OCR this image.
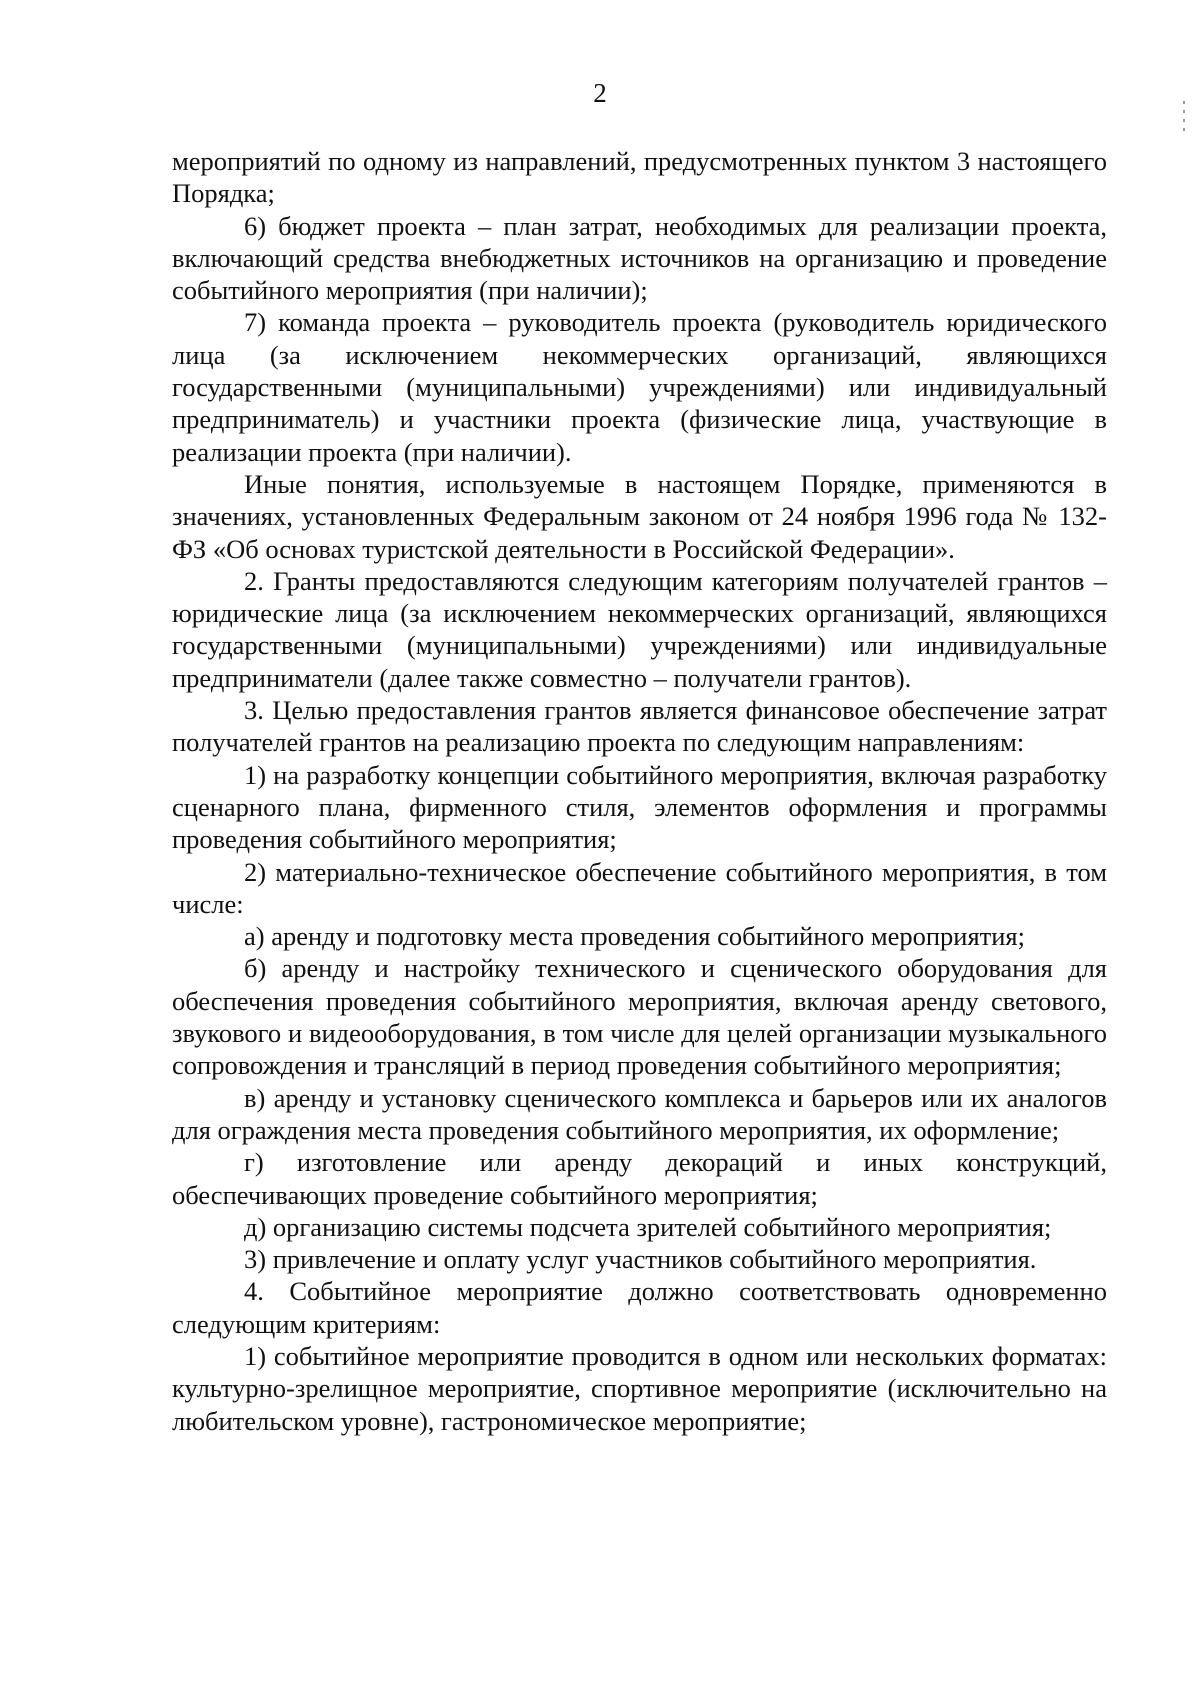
2

мероприятий по одному из направлений, предусмотренных пунктом 3 настоящего Порядка;

6) бюджет проекта – план затрат, необходимых для реализации проекта, включающий средства внебюджетных источников на организацию и проведение событийного мероприятия (при наличии);

7) команда проекта – руководитель проекта (руководитель юридического лица (за исключением некоммерческих организаций, являющихся государственными (муниципальными) учреждениями) или индивидуальный предприниматель) и участники проекта (физические лица, участвующие в реализации проекта (при наличии).

Иные понятия, используемые в настоящем Порядке, применяются в значениях, установленных Федеральным законом от 24 ноября 1996 года № 132-ФЗ «Об основах туристской деятельности в Российской Федерации».

2. Гранты предоставляются следующим категориям получателей грантов – юридические лица (за исключением некоммерческих организаций, являющихся государственными (муниципальными) учреждениями) или индивидуальные предприниматели (далее также совместно – получатели грантов).

3. Целью предоставления грантов является финансовое обеспечение затрат получателей грантов на реализацию проекта по следующим направлениям:

1) на разработку концепции событийного мероприятия, включая разработку сценарного плана, фирменного стиля, элементов оформления и программы проведения событийного мероприятия;

2) материально-техническое обеспечение событийного мероприятия, в том числе:

а) аренду и подготовку места проведения событийного мероприятия;

б) аренду и настройку технического и сценического оборудования для обеспечения проведения событийного мероприятия, включая аренду светового, звукового и видеооборудования, в том числе для целей организации музыкального сопровождения и трансляций в период проведения событийного мероприятия;

в) аренду и установку сценического комплекса и барьеров или их аналогов для ограждения места проведения событийного мероприятия, их оформление;

г) изготовление или аренду декораций и иных конструкций, обеспечивающих проведение событийного мероприятия;

д) организацию системы подсчета зрителей событийного мероприятия;

3) привлечение и оплату услуг участников событийного мероприятия.

4. Событийное мероприятие должно соответствовать одновременно следующим критериям:

1) событийное мероприятие проводится в одном или нескольких форматах: культурно-зрелищное мероприятие, спортивное мероприятие (исключительно на любительском уровне), гастрономическое мероприятие;
